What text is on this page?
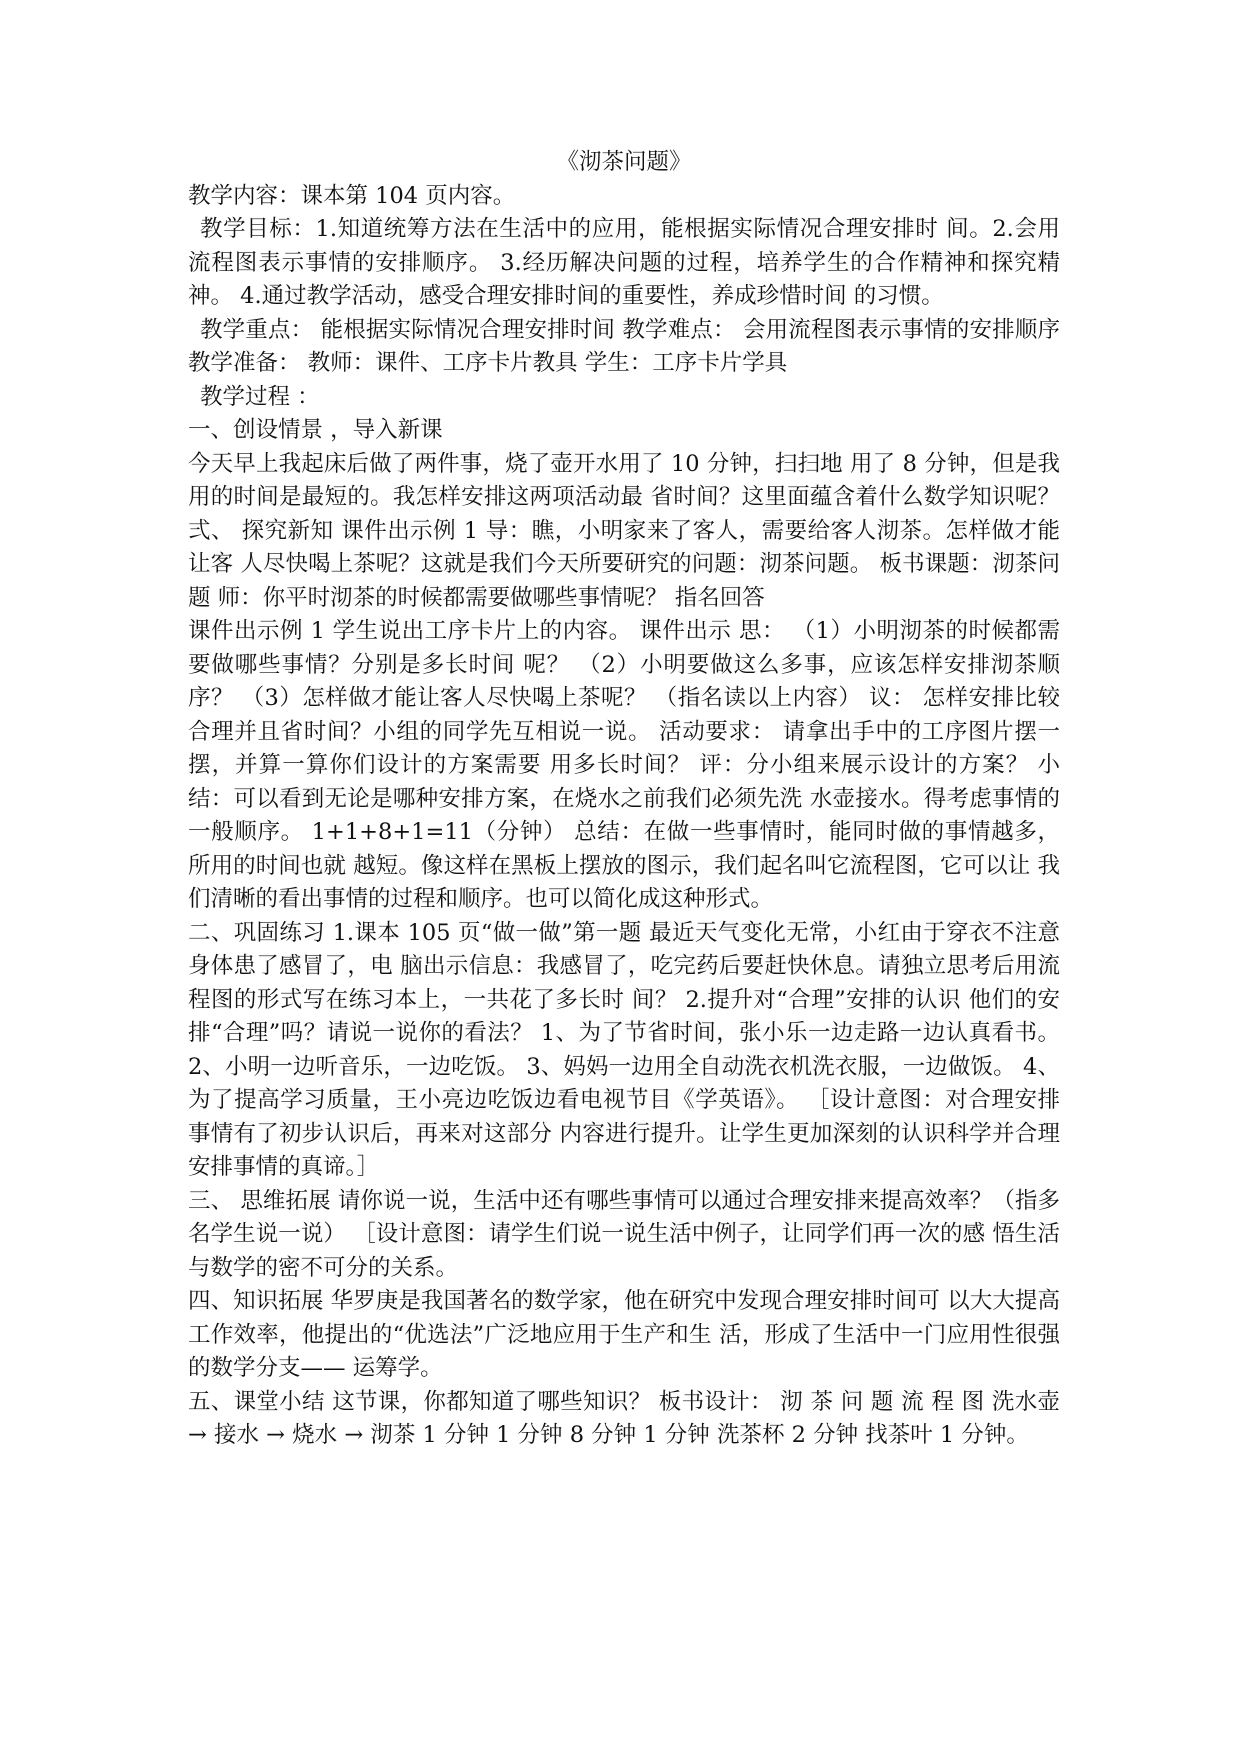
《沏茶问题》

教学内容：课本第 104 页内容。

教学目标：1.知道统筹方法在生活中的应用，能根据实际情况合理安排时 间。2.会用流程图表示事情的安排顺序。 3.经历解决问题的过程，培养学生的合作精神和探究精神。 4.通过教学活动，感受合理安排时间的重要性，养成珍惜时间 的习惯。

教学重点： 能根据实际情况合理安排时间 教学难点： 会用流程图表示事情的安排顺序 教学准备： 教师：课件、工序卡片教具 学生：工序卡片学具

教学过程 ：

一、创设情景 ，导入新课

今天早上我起床后做了两件事，烧了壶开水用了 10 分钟，扫扫地 用了 8 分钟，但是我用的时间是最短的。我怎样安排这两项活动最 省时间？这里面蕴含着什么数学知识呢？ 弍、 探究新知 课件出示例 1 导：瞧，小明家来了客人，需要给客人沏茶。怎样做才能让客 人尽快喝上茶呢？这就是我们今天所要研究的问题：沏茶问题。 板书课题：沏茶问题 师：你平时沏茶的时候都需要做哪些事情呢？ 指名回答

课件出示例 1 学生说出工序卡片上的内容。 课件出示 思： （1）小明沏茶的时候都需要做哪些事情？分别是多长时间 呢？ （2）小明要做这么多事，应该怎样安排沏茶顺序？ （3）怎样做才能让客人尽快喝上茶呢？ （指名读以上内容） 议： 怎样安排比较合理并且省时间？小组的同学先互相说一说。 活动要求： 请拿出手中的工序图片摆一摆，并算一算你们设计的方案需要 用多长时间？ 评：分小组来展示设计的方案？ 小结：可以看到无论是哪种安排方案，在烧水之前我们必须先洗 水壶接水。得考虑事情的一般顺序。 1+1+8+1=11（分钟） 总结：在做一些事情时，能同时做的事情越多，所用的时间也就 越短。像这样在黑板上摆放的图示，我们起名叫它流程图，它可以让 我们清晰的看出事情的过程和顺序。也可以简化成这种形式。

二、巩固练习 1.课本 105 页“做一做”第一题 最近天气变化无常，小红由于穿衣不注意身体患了感冒了，电 脑出示信息：我感冒了，吃完药后要赶快休息。请独立思考后用流程图的形式写在练习本上，一共花了多长时 间？ 2.提升对“合理”安排的认识 他们的安排“合理”吗？请说一说你的看法？ 1、为了节省时间，张小乐一边走路一边认真看书。 2、小明一边听音乐，一边吃饭。 3、妈妈一边用全自动洗衣机洗衣服，一边做饭。 4、为了提高学习质量，王小亮边吃饭边看电视节目《学英语》。 ［设计意图：对合理安排事情有了初步认识后，再来对这部分 内容进行提升。让学生更加深刻的认识科学并合理安排事情的真谛。］

三、 思维拓展 请你说一说，生活中还有哪些事情可以通过合理安排来提高效率？（指多名学生说一说） ［设计意图：请学生们说一说生活中例子，让同学们再一次的感 悟生活与数学的密不可分的关系。

四、知识拓展 华罗庚是我国著名的数学家，他在研究中发现合理安排时间可 以大大提高工作效率，他提出的“优选法”广泛地应用于生产和生 活，形成了生活中一门应用性很强的数学分支—— 运筹学。

五、课堂小结 这节课，你都知道了哪些知识？ 板书设计： 沏 茶 问 题 流 程 图 洗水壶 → 接水 → 烧水 → 沏茶 1 分钟 1 分钟 8 分钟 1 分钟 洗茶杯 2 分钟 找茶叶 1 分钟。
